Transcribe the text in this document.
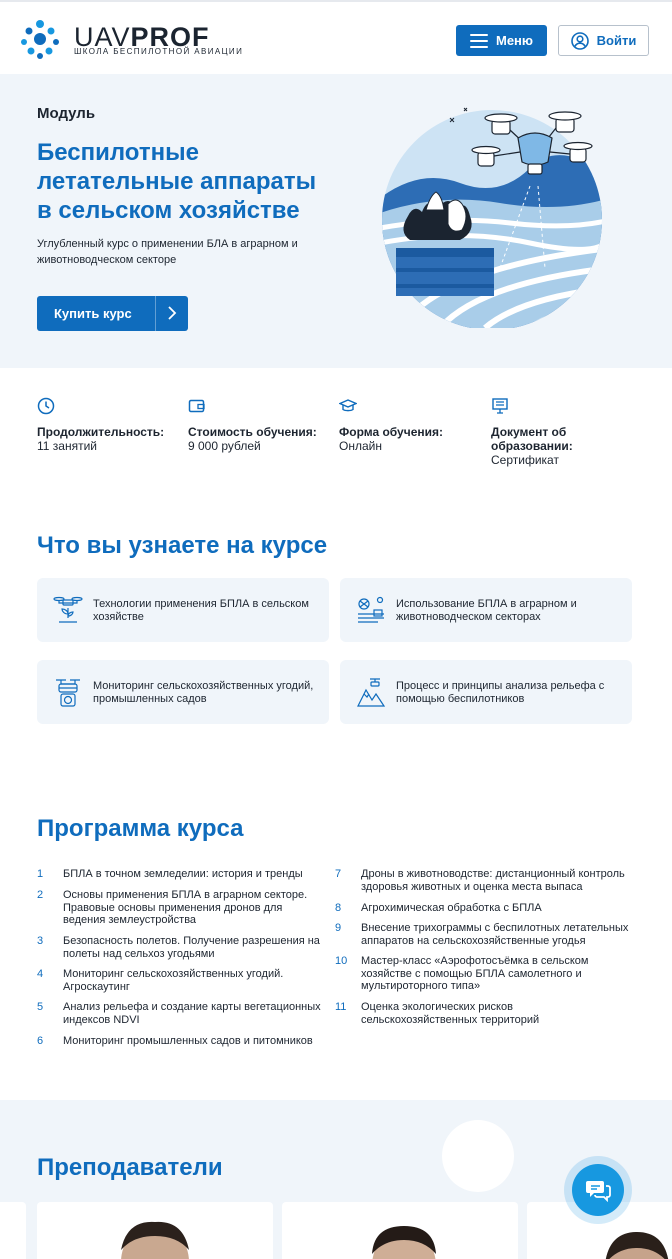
UAVPROF
ШКОЛА БЕСПИЛОТНОЙ АВИАЦИИ
Меню	Войти
Модуль
Беспилотные летательные аппараты в сельском хозяйстве
Углубленный курс о применении БЛА в аграрном и животноводческом секторе
Купить курс
Продолжительность:
11 занятий
Стоимость обучения:
9 000 рублей
Форма обучения:
Онлайн
Документ об образовании:
Сертификат
Что вы узнаете на курсе
Технологии применения БПЛА в сельском хозяйстве
Использование БПЛА в аграрном и животноводческом секторах
Мониторинг сельскохозяйственных угодий, промышленных садов
Процесс и принципы анализа рельефа с помощью беспилотников
Программа курса
1 БПЛА в точном земледелии: история и тренды
2 Основы применения БПЛА в аграрном секторе. Правовые основы применения дронов для ведения землеустройства
3 Безопасность полетов. Получение разрешения на полеты над сельхоз угодьями
4 Мониторинг сельскохозяйственных угодий. Агроскаутинг
5 Анализ рельефа и создание карты вегетационных индексов NDVI
6 Мониторинг промышленных садов и питомников
7 Дроны в животноводстве: дистанционный контроль здоровья животных и оценка места выпаса
8 Агрохимическая обработка с БПЛА
9 Внесение трихограммы с беспилотных летательных аппаратов на сельскохозяйственные угодья
10 Мастер-класс «Аэрофотосъёмка в сельском хозяйстве с помощью БПЛА самолетного и мультироторного типа»
11 Оценка экологических рисков сельскохозяйственных территорий
Преподаватели
